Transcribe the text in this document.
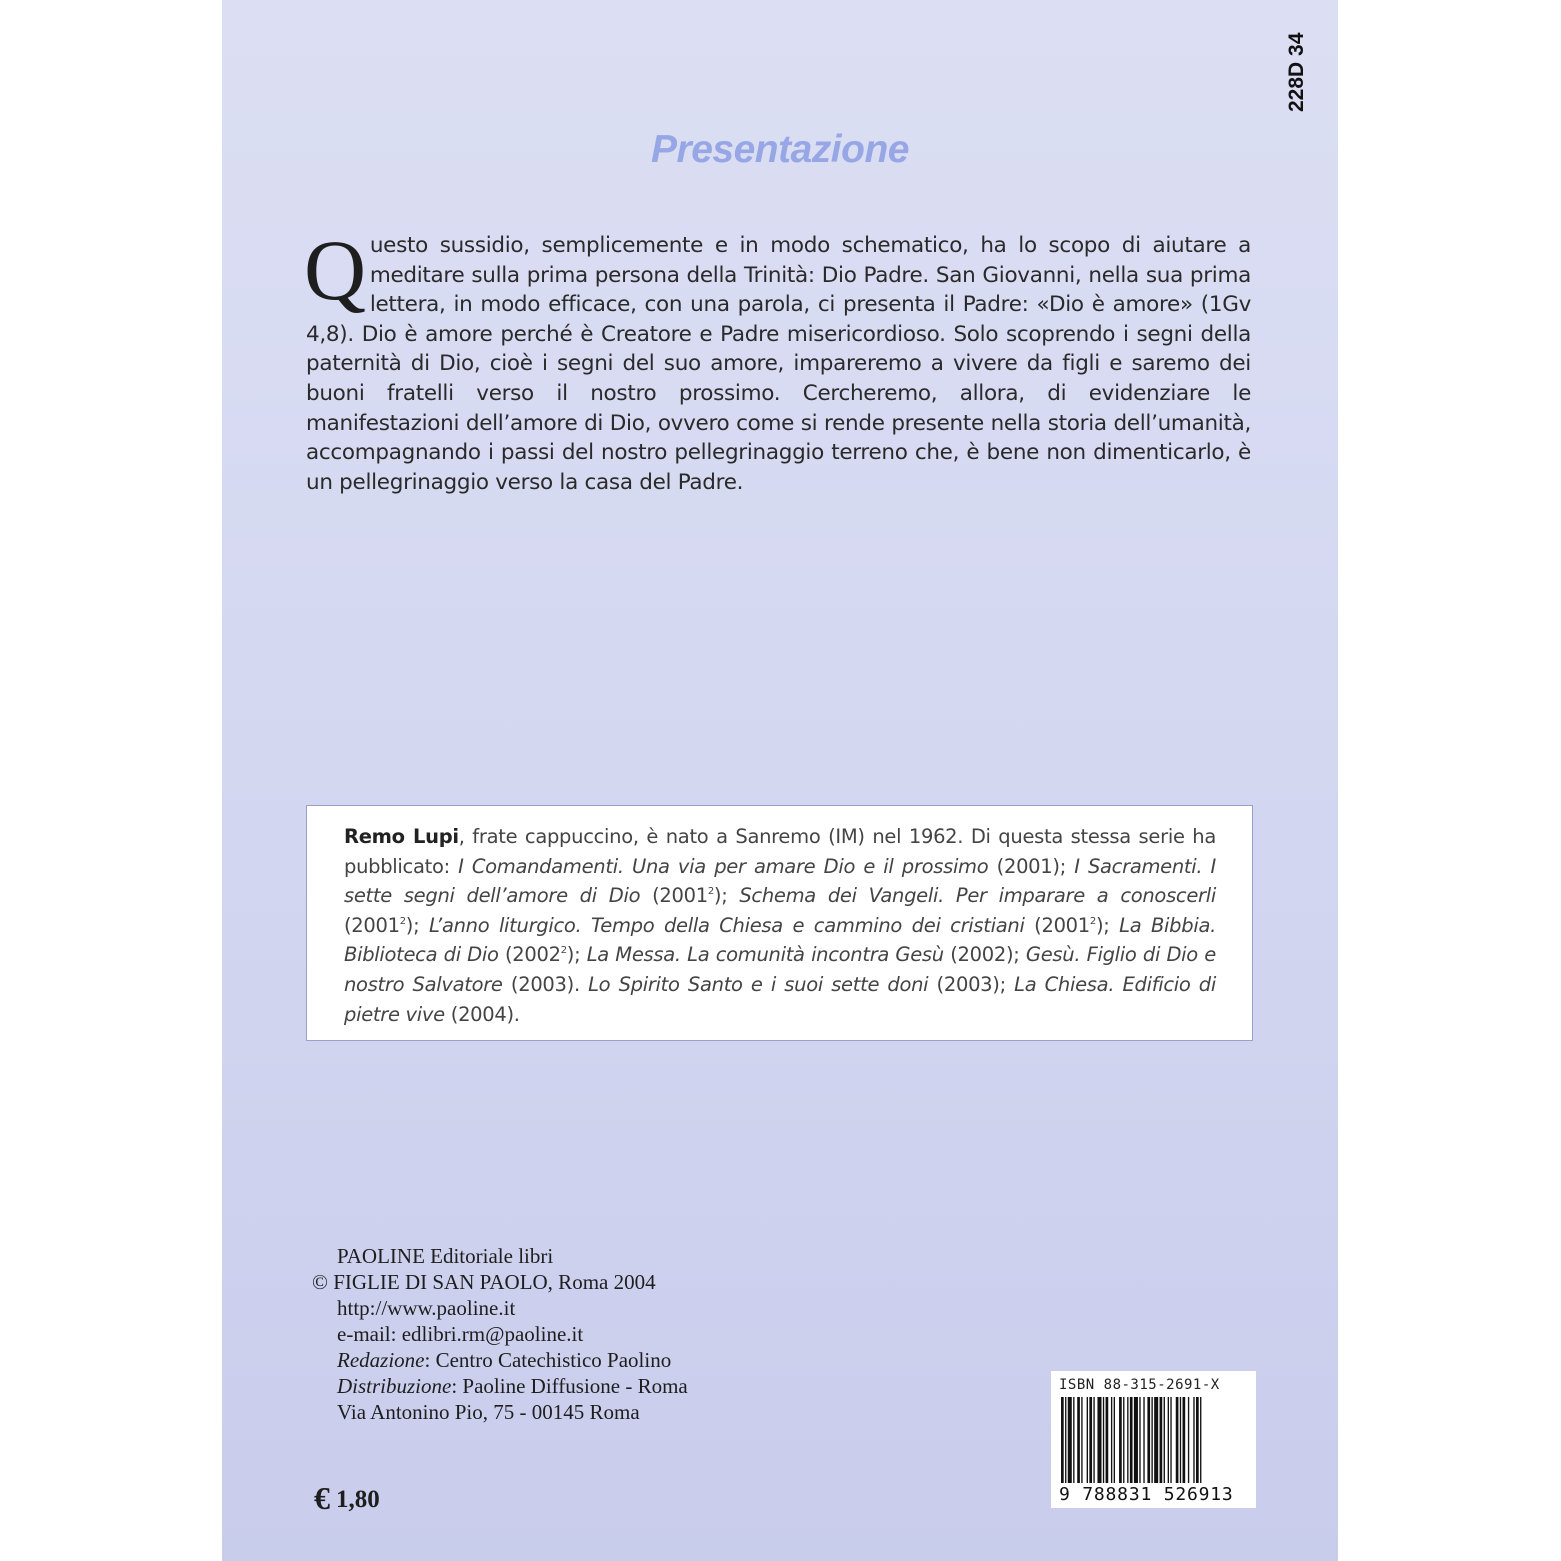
228D 34
Presentazione
Questo sussidio, semplicemente e in modo schematico, ha lo scopo di aiutare a meditare sulla prima persona della Trinità: Dio Padre. San Giovanni, nella sua prima lettera, in modo efficace, con una parola, ci presenta il Padre: «Dio è amore» (1Gv 4,8). Dio è amore perché è Creatore e Padre misericordioso. Solo scoprendo i segni della paternità di Dio, cioè i segni del suo amore, impareremo a vivere da figli e saremo dei buoni fratelli verso il nostro prossimo. Cercheremo, allora, di evidenziare le manifestazioni dell’amore di Dio, ovvero come si rende presente nella storia dell’umanità, accompagnando i passi del nostro pellegrinaggio terreno che, è bene non dimenticarlo, è un pellegrinaggio verso la casa del Padre.
Remo Lupi, frate cappuccino, è nato a Sanremo (IM) nel 1962. Di questa stessa serie ha pubblicato: I Comandamenti. Una via per amare Dio e il prossimo (2001); I Sacramenti. I sette segni dell’amore di Dio (2001$^2$); Schema dei Vangeli. Per imparare a conoscerli (2001$^2$); L’anno liturgico. Tempo della Chiesa e cammino dei cristiani (2001$^2$); La Bibbia. Biblioteca di Dio (2002$^2$); La Messa. La comunità incontra Gesù (2002); Gesù. Figlio di Dio e nostro Salvatore (2003). Lo Spirito Santo e i suoi sette doni (2003); La Chiesa. Edificio di pietre vive (2004).
PAOLINE Editoriale libri
© FIGLIE DI SAN PAOLO, Roma 2004
http://www.paoline.it
e-mail: edlibri.rm@paoline.it
Redazione: Centro Catechistico Paolino
Distribuzione: Paoline Diffusione - Roma
Via Antonino Pio, 75 - 00145 Roma
€ 1,80
ISBN 88-315-2691-X
9 788831 526913
